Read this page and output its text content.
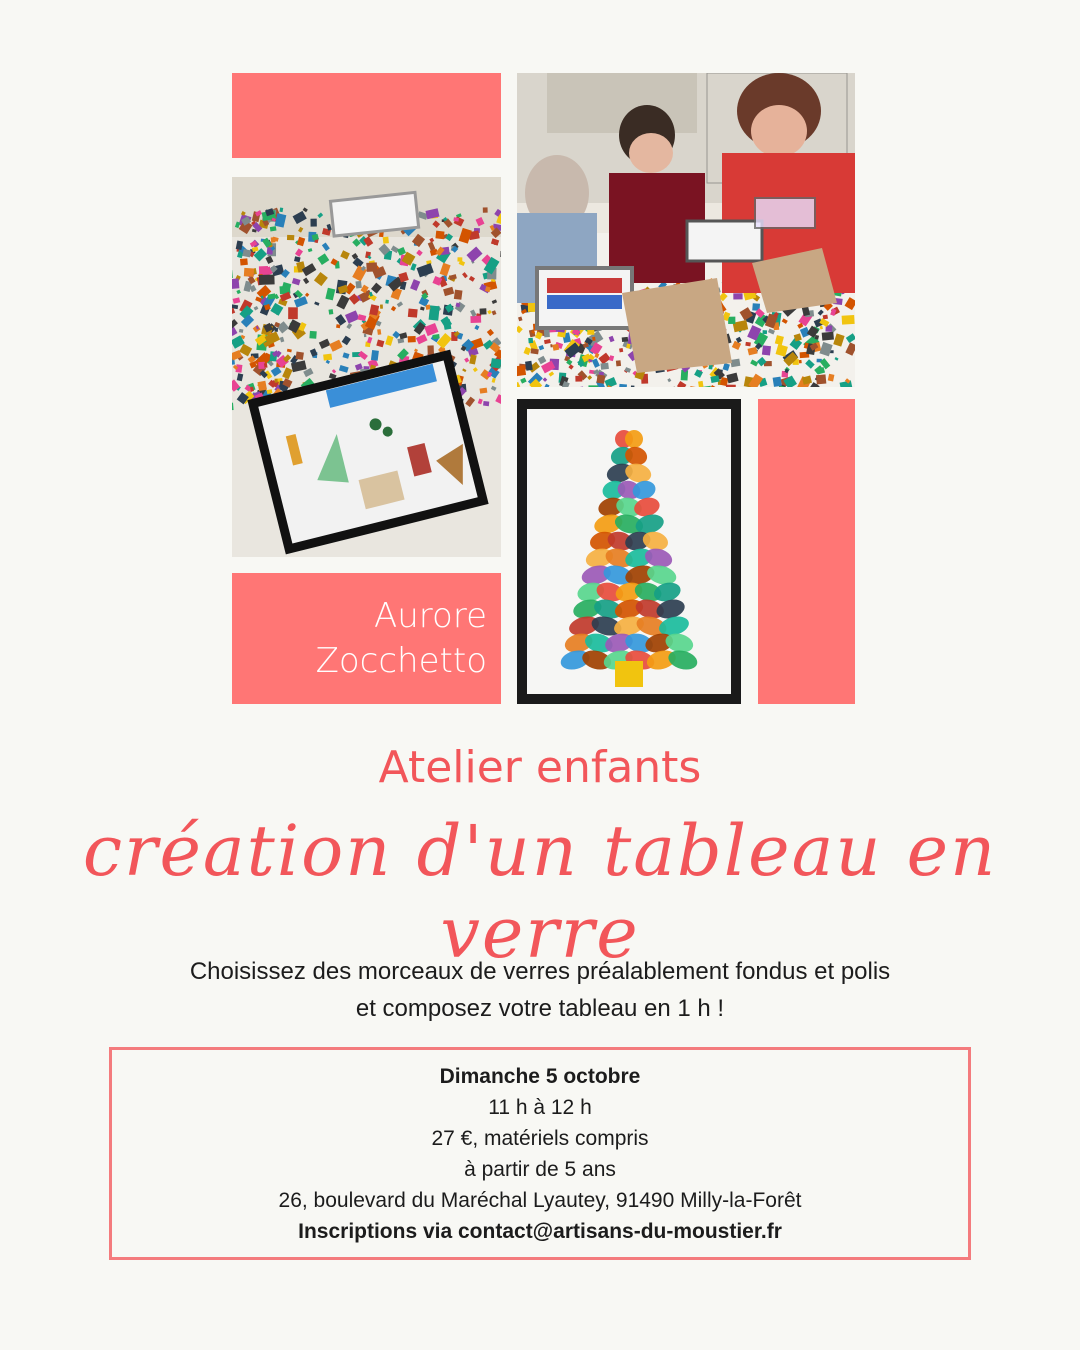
Aurore
Zocchetto
Atelier enfants
création d'un tableau en verre
Choisissez des morceaux de verres préalablement fondus et polis
et composez votre tableau en 1 h !
Dimanche 5 octobre
11 h à 12 h
27 €, matériels compris
à partir de 5 ans
26, boulevard du Maréchal Lyautey, 91490 Milly-la-Forêt
Inscriptions via contact@artisans-du-moustier.fr
